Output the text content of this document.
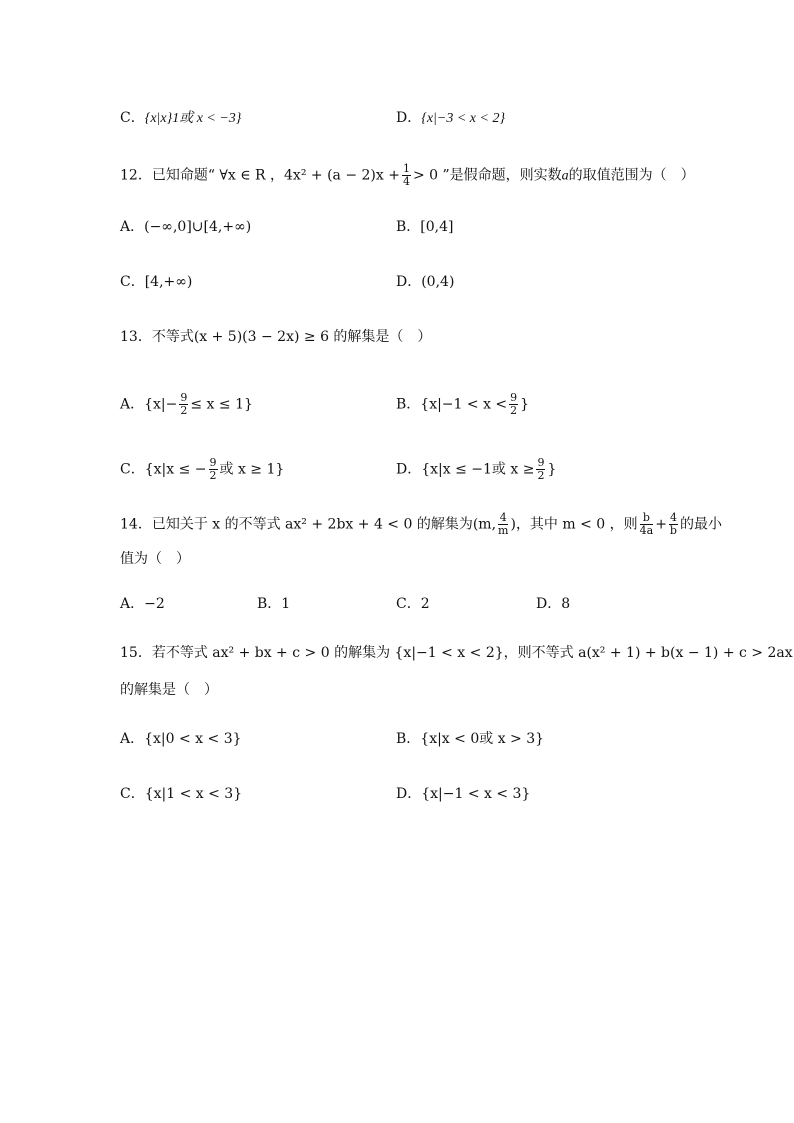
C．{x|x}1或 x < −3}	D．{x|−3 < x < 2}
12．已知命题“ ∀x ∈ R ，$4x^2 + (a - 2)x + \frac{1}{4} > 0$ ”是假命题，则实数a的取值范围为（　）
A．(−∞,0]∪[4,+∞)	B．[0,4]
C．[4,+∞)	D．(0,4)
13．不等式(x + 5)(3 − 2x) ≥ 6 的解集是（　）
A．$\{x|- \frac{9}{2} \le x \le 1\}$	B．{$x|-1 < x < \frac{9}{2}$ }
C．{x|x ≤ − $\frac{9}{2}$ 或 x ≥ 1}	D．{x|x ≤ −1或 $x \ge \frac{9}{2}$ }
14．已知关于 x 的不等式 ax² + 2bx + 4 < 0 的解集为(m, $\frac{4}{m}$ )，其中 m < 0 ，则 $\frac{b}{4a} + \frac{4}{b}$ 的最小
值为（　）
A．−2	B．1	C．2	D．8
15．若不等式 ax² + bx + c > 0 的解集为 {x|−1 < x < 2}，则不等式 a(x² + 1) + b(x − 1) + c > 2ax
的解集是（　）
A．{x|0 < x < 3}	B．{x|x < 0或 x > 3}
C．{x|1 < x < 3}	D．{x|−1 < x < 3}
